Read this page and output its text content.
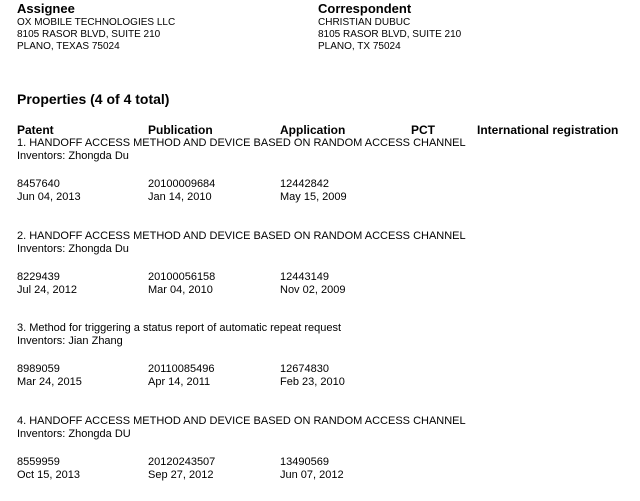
Assignee
OX MOBILE TECHNOLOGIES LLC
8105 RASOR BLVD, SUITE 210
PLANO, TEXAS 75024
Correspondent
CHRISTIAN DUBUC
8105 RASOR BLVD, SUITE 210
PLANO, TX 75024
Properties (4 of 4 total)
Patent	Publication	Application	PCT	International registration
1. HANDOFF ACCESS METHOD AND DEVICE BASED ON RANDOM ACCESS CHANNEL
Inventors: Zhongda Du
8457640	20100009684	12442842
Jun 04, 2013	Jan 14, 2010	May 15, 2009
2. HANDOFF ACCESS METHOD AND DEVICE BASED ON RANDOM ACCESS CHANNEL
Inventors: Zhongda Du
8229439	20100056158	12443149
Jul 24, 2012	Mar 04, 2010	Nov 02, 2009
3. Method for triggering a status report of automatic repeat request
Inventors: Jian Zhang
8989059	20110085496	12674830
Mar 24, 2015	Apr 14, 2011	Feb 23, 2010
4. HANDOFF ACCESS METHOD AND DEVICE BASED ON RANDOM ACCESS CHANNEL
Inventors: Zhongda DU
8559959	20120243507	13490569
Oct 15, 2013	Sep 27, 2012	Jun 07, 2012
